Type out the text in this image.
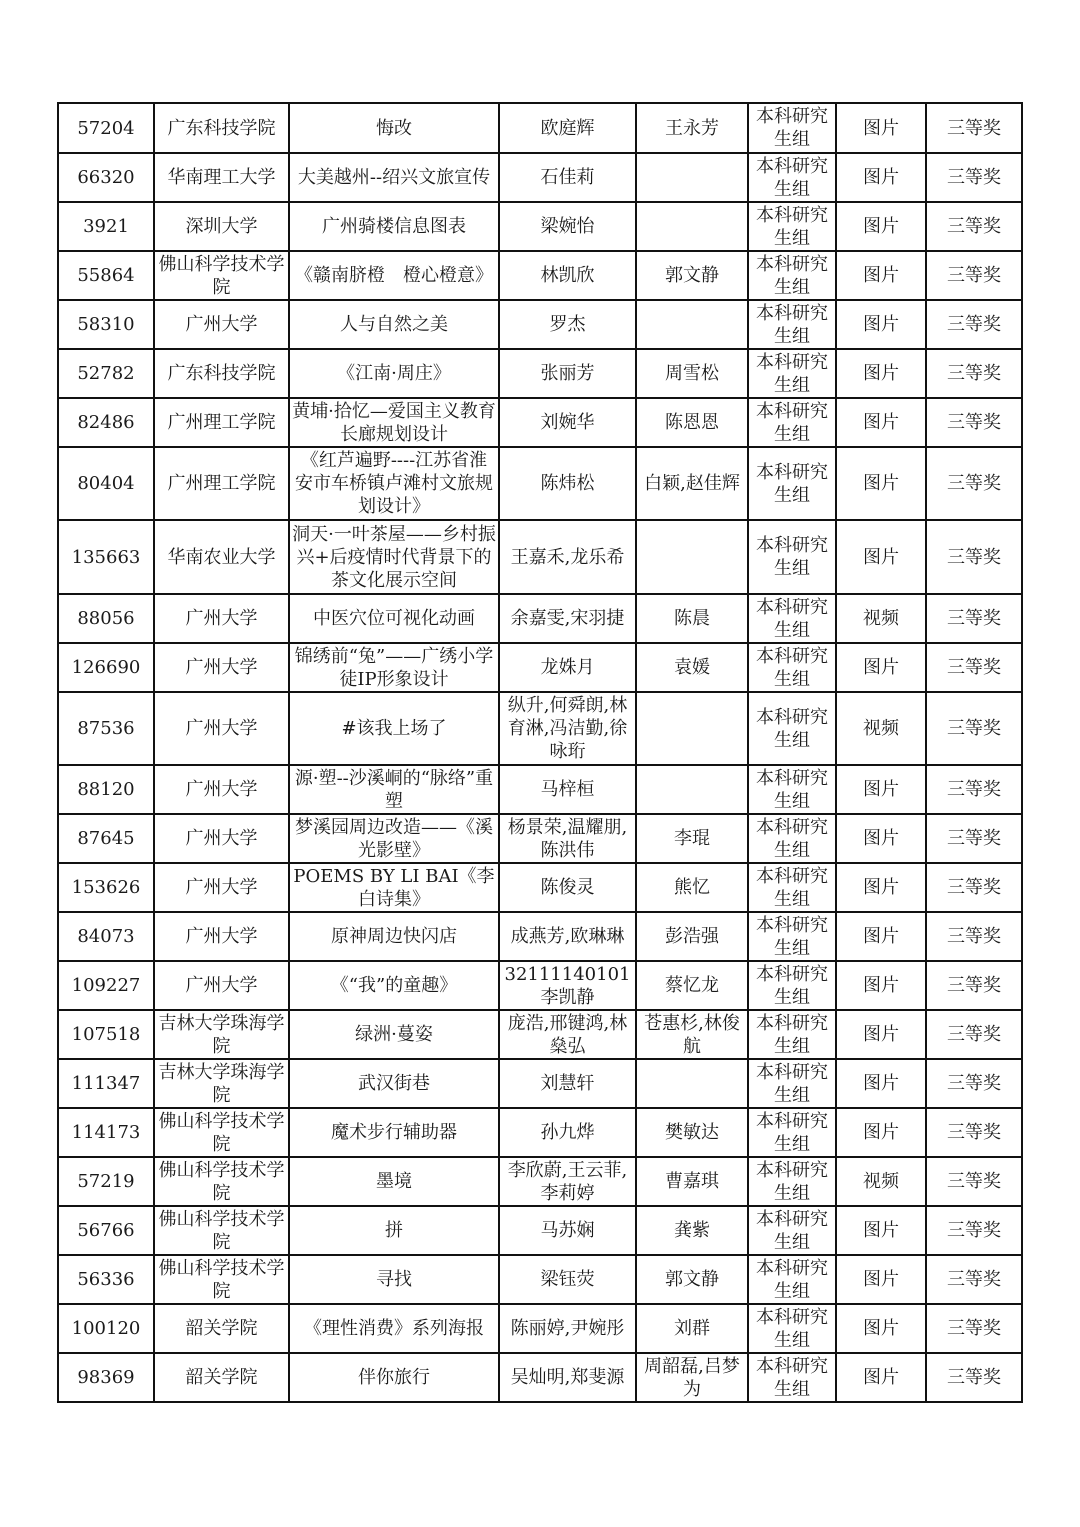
57204	广东科技学院	悔改	欧庭辉	王永芳	本科研究生组	图片	三等奖
66320	华南理工大学	大美越州--绍兴文旅宣传	石佳莉		本科研究生组	图片	三等奖
3921	深圳大学	广州骑楼信息图表	梁婉怡		本科研究生组	图片	三等奖
55864	佛山科学技术学院	《赣南脐橙　橙心橙意》	林凯欣	郭文静	本科研究生组	图片	三等奖
58310	广州大学	人与自然之美	罗杰		本科研究生组	图片	三等奖
52782	广东科技学院	《江南·周庄》	张丽芳	周雪松	本科研究生组	图片	三等奖
82486	广州理工学院	黄埔·拾忆—爱国主义教育长廊规划设计	刘婉华	陈恩恩	本科研究生组	图片	三等奖
80404	广州理工学院	《红芦遍野----江苏省淮安市车桥镇卢滩村文旅规划设计》	陈炜松	白颖,赵佳辉	本科研究生组	图片	三等奖
135663	华南农业大学	洞天·一叶茶屋——乡村振兴+后疫情时代背景下的茶文化展示空间	王嘉禾,龙乐希		本科研究生组	图片	三等奖
88056	广州大学	中医穴位可视化动画	余嘉雯,宋羽捷	陈晨	本科研究生组	视频	三等奖
126690	广州大学	锦绣前“兔”——广绣小学徒IP形象设计	龙姝月	袁媛	本科研究生组	图片	三等奖
87536	广州大学	#该我上场了	纵升,何舜朗,林育淋,冯洁勤,徐咏珩		本科研究生组	视频	三等奖
88120	广州大学	源·塑--沙溪峒的“脉络”重塑	马梓桓		本科研究生组	图片	三等奖
87645	广州大学	梦溪园周边改造——《溪光影壁》	杨景荣,温耀朋,陈洪伟	李琨	本科研究生组	图片	三等奖
153626	广州大学	POEMS BY LI BAI《李白诗集》	陈俊灵	熊忆	本科研究生组	图片	三等奖
84073	广州大学	原神周边快闪店	成燕芳,欧琳琳	彭浩强	本科研究生组	图片	三等奖
109227	广州大学	《“我”的童趣》	32111140101李凯静	蔡忆龙	本科研究生组	图片	三等奖
107518	吉林大学珠海学院	绿洲·蔓姿	庞浩,邢键鸿,林燊弘	苍惠杉,林俊航	本科研究生组	图片	三等奖
111347	吉林大学珠海学院	武汉街巷	刘慧轩		本科研究生组	图片	三等奖
114173	佛山科学技术学院	魔术步行辅助器	孙九烨	樊敏达	本科研究生组	图片	三等奖
57219	佛山科学技术学院	墨境	李欣蔚,王云菲,李莉婷	曹嘉琪	本科研究生组	视频	三等奖
56766	佛山科学技术学院	拼	马苏娴	龚紫	本科研究生组	图片	三等奖
56336	佛山科学技术学院	寻找	梁钰荧	郭文静	本科研究生组	图片	三等奖
100120	韶关学院	《理性消费》系列海报	陈丽婷,尹婉彤	刘群	本科研究生组	图片	三等奖
98369	韶关学院	伴你旅行	吴灿明,郑斐源	周韶磊,吕梦为	本科研究生组	图片	三等奖
